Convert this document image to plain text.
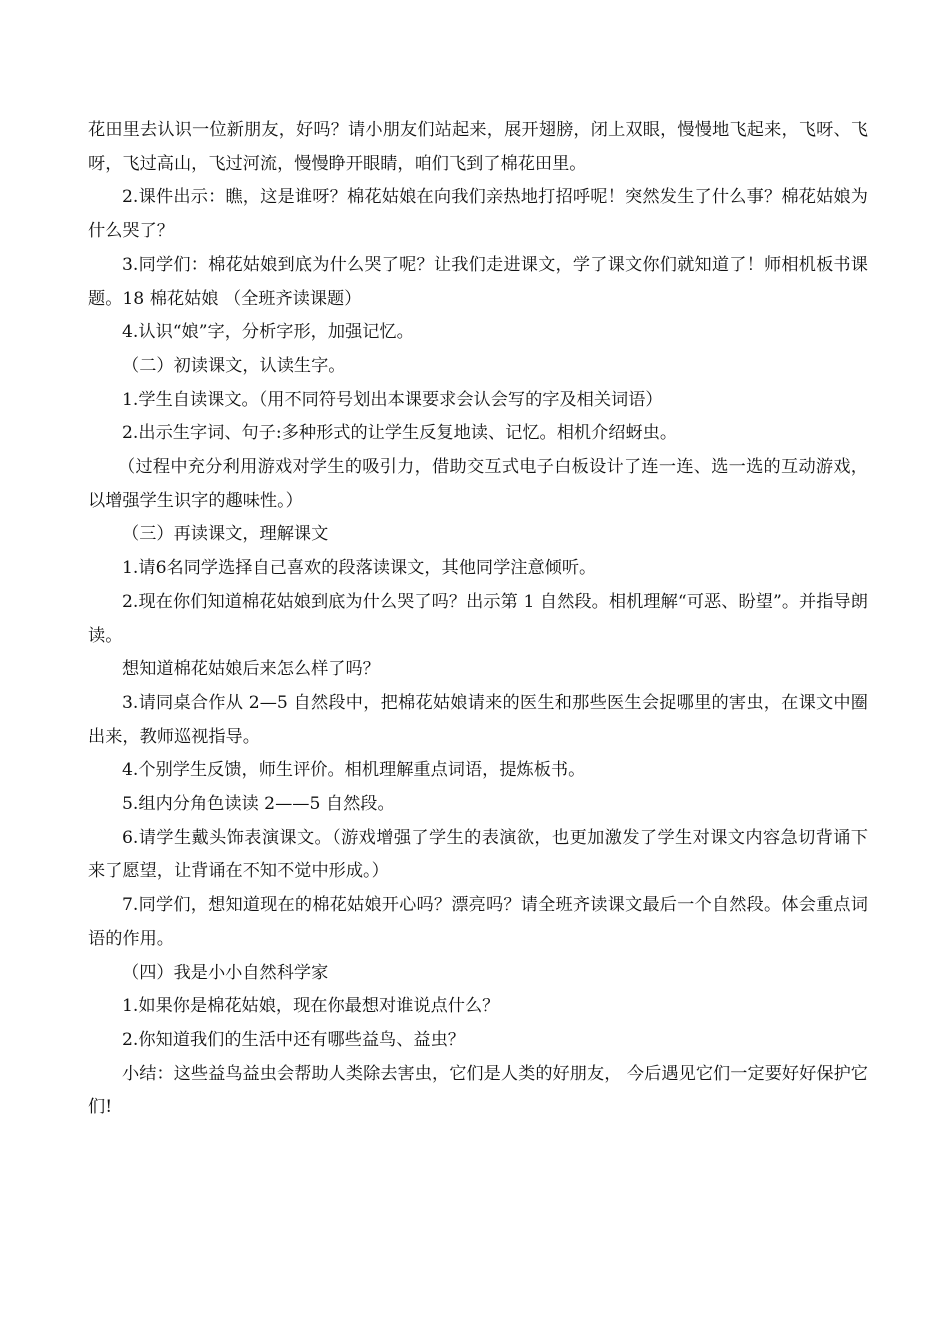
花田里去认识一位新朋友，好吗？请小朋友们站起来，展开翅膀，闭上双眼，慢慢地飞起来，飞呀、飞呀，飞过高山，飞过河流，慢慢睁开眼睛，咱们飞到了棉花田里。

2.课件出示：瞧，这是谁呀？棉花姑娘在向我们亲热地打招呼呢！突然发生了什么事？棉花姑娘为什么哭了？

3.同学们：棉花姑娘到底为什么哭了呢？让我们走进课文，学了课文你们就知道了！师相机板书课题。18 棉花姑娘 （全班齐读课题）

4.认识“娘”字，分析字形，加强记忆。

（二）初读课文，认读生字。

1.学生自读课文。（用不同符号划出本课要求会认会写的字及相关词语）

2.出示生字词、句子:多种形式的让学生反复地读、记忆。相机介绍蚜虫。

（过程中充分利用游戏对学生的吸引力，借助交互式电子白板设计了连一连、选一选的互动游戏，以增强学生识字的趣味性。）

（三）再读课文，理解课文

1.请6名同学选择自己喜欢的段落读课文，其他同学注意倾听。

2.现在你们知道棉花姑娘到底为什么哭了吗？出示第 1 自然段。相机理解“可恶、盼望”。并指导朗读。

想知道棉花姑娘后来怎么样了吗？

3.请同桌合作从 2—5 自然段中，把棉花姑娘请来的医生和那些医生会捉哪里的害虫，在课文中圈出来，教师巡视指导。

4.个别学生反馈，师生评价。相机理解重点词语，提炼板书。

5.组内分角色读读 2——5 自然段。

6.请学生戴头饰表演课文。（游戏增强了学生的表演欲，也更加激发了学生对课文内容急切背诵下来了愿望，让背诵在不知不觉中形成。）

7.同学们，想知道现在的棉花姑娘开心吗？漂亮吗？请全班齐读课文最后一个自然段。体会重点词语的作用。

（四）我是小小自然科学家

1.如果你是棉花姑娘，现在你最想对谁说点什么？

2.你知道我们的生活中还有哪些益鸟、益虫？

小结：这些益鸟益虫会帮助人类除去害虫，它们是人类的好朋友， 今后遇见它们一定要好好保护它们!
